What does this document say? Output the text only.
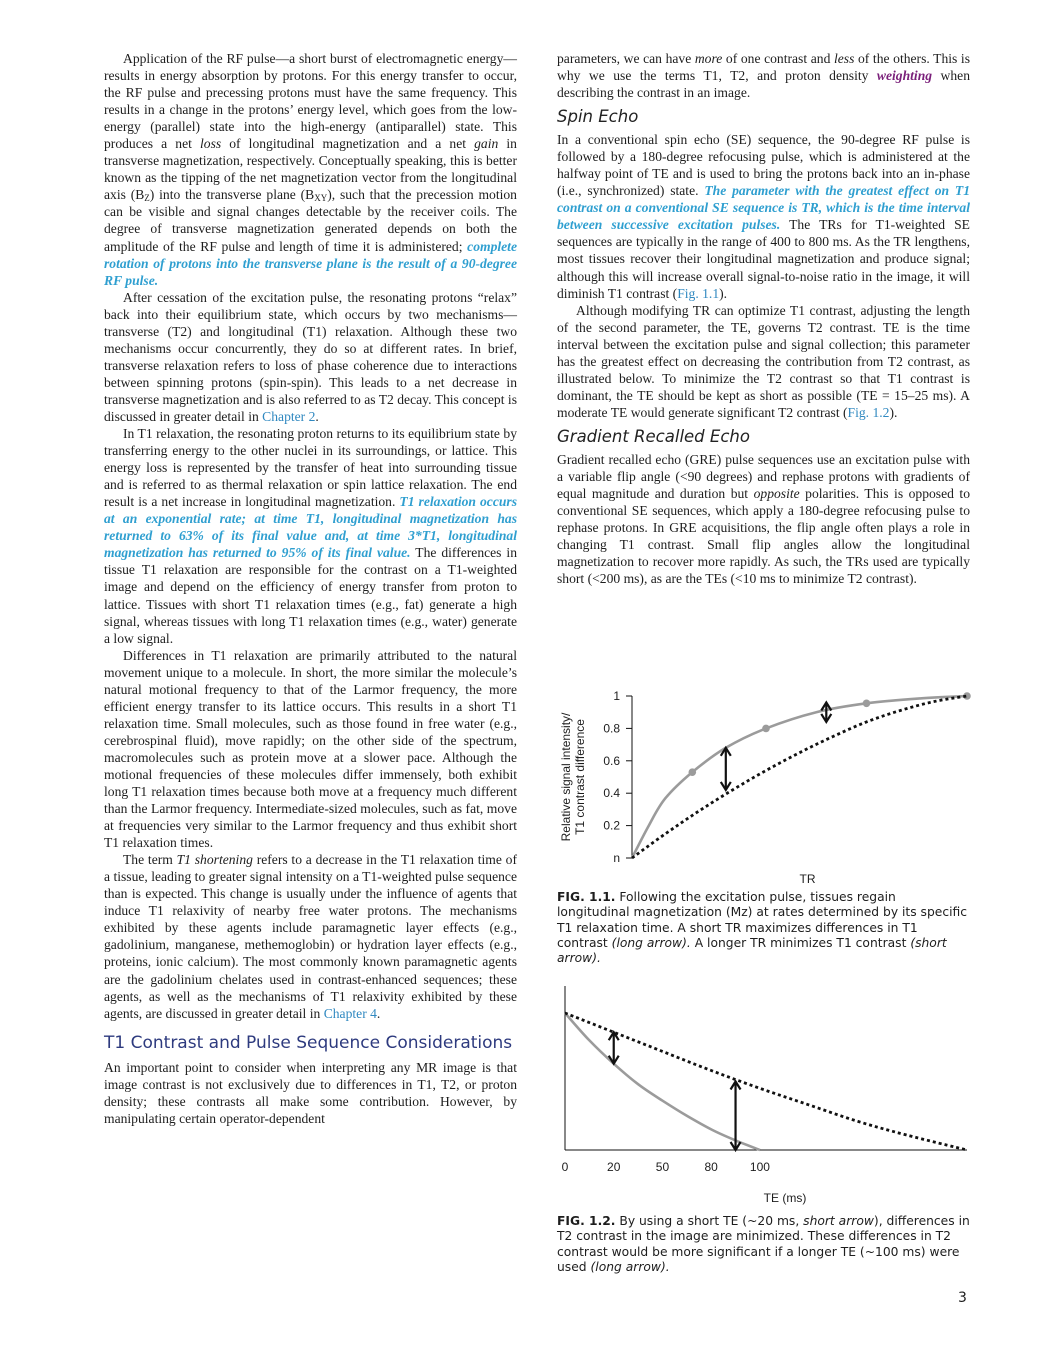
Application of the RF pulse—a short burst of electromagnetic energy—results in energy absorption by protons. For this energy transfer to occur, the RF pulse and precessing protons must have the same frequency. This results in a change in the protons’ energy level, which goes from the low-energy (parallel) state into the high-energy (antiparallel) state. This produces a net loss of longitudinal magnetization and a net gain in transverse magnetization, respectively. Conceptually speaking, this is better known as the tipping of the net magnetization vector from the longitudinal axis $(B_Z)$ into the transverse plane $(B_{XY})$, such that the precession motion can be visible and signal changes detectable by the receiver coils. The degree of transverse magnetization generated depends on both the amplitude of the RF pulse and length of time it is administered; complete rotation of protons into the transverse plane is the result of a 90-degree RF pulse.

After cessation of the excitation pulse, the resonating protons “relax” back into their equilibrium state, which occurs by two mechanisms—transverse (T2) and longitudinal (T1) relaxation. Although these two mechanisms occur concurrently, they do so at different rates. In brief, transverse relaxation refers to loss of phase coherence due to interactions between spinning protons (spin-spin). This leads to a net decrease in transverse magnetization and is also referred to as T2 decay. This concept is discussed in greater detail in Chapter 2.

In T1 relaxation, the resonating proton returns to its equilibrium state by transferring energy to the other nuclei in its surroundings, or lattice. This energy loss is represented by the transfer of heat into surrounding tissue and is referred to as thermal relaxation or spin lattice relaxation. The end result is a net increase in longitudinal magnetization. T1 relaxation occurs at an exponential rate; at time T1, longitudinal magnetization has returned to 63% of its final value and, at time 3*T1, longitudinal magnetization has returned to 95% of its final value. The differences in tissue T1 relaxation are responsible for the contrast on a T1-weighted image and depend on the efficiency of energy transfer from proton to lattice. Tissues with short T1 relaxation times (e.g., fat) generate a high signal, whereas tissues with long T1 relaxation times (e.g., water) generate a low signal.

Differences in T1 relaxation are primarily attributed to the natural movement unique to a molecule. In short, the more similar the molecule’s natural motional frequency to that of the Larmor frequency, the more efficient energy transfer to its lattice occurs. This results in a short T1 relaxation time. Small molecules, such as those found in free water (e.g., cerebrospinal fluid), move rapidly; on the other side of the spectrum, macromolecules such as protein move at a slower pace. Although the motional frequencies of these molecules differ immensely, both exhibit long T1 relaxation times because both move at a frequency much different than the Larmor frequency. Intermediate-sized molecules, such as fat, move at frequencies very similar to the Larmor frequency and thus exhibit short T1 relaxation times.

The term T1 shortening refers to a decrease in the T1 relaxation time of a tissue, leading to greater signal intensity on a T1-weighted pulse sequence than is expected. This change is usually under the influence of agents that induce T1 relaxivity of nearby free water protons. The mechanisms exhibited by these agents include paramagnetic layer effects (e.g., gadolinium, manganese, methemoglobin) or hydration layer effects (e.g., proteins, ionic calcium). The most commonly known paramagnetic agents are the gadolinium chelates used in contrast-enhanced sequences; these agents, as well as the mechanisms of T1 relaxivity exhibited by these agents, are discussed in greater detail in Chapter 4.

T1 Contrast and Pulse Sequence Considerations

An important point to consider when interpreting any MR image is that image contrast is not exclusively due to differences in T1, T2, or proton density; these contrasts all make some contribution. However, by manipulating certain operator-dependent

parameters, we can have more of one contrast and less of the others. This is why we use the terms T1, T2, and proton density weighting when describing the contrast in an image.

Spin Echo

In a conventional spin echo (SE) sequence, the 90-degree RF pulse is followed by a 180-degree refocusing pulse, which is administered at the halfway point of TE and is used to bring the protons back into an in-phase (i.e., synchronized) state. The parameter with the greatest effect on T1 contrast on a conventional SE sequence is TR, which is the time interval between successive excitation pulses. The TRs for T1-weighted SE sequences are typically in the range of 400 to 800 ms. As the TR lengthens, most tissues recover their longitudinal magnetization and produce signal; although this will increase overall signal-to-noise ratio in the image, it will diminish T1 contrast (Fig. 1.1).

Although modifying TR can optimize T1 contrast, adjusting the length of the second parameter, the TE, governs T2 contrast. TE is the time interval between the excitation pulse and signal collection; this parameter has the greatest effect on decreasing the contribution from T2 contrast, as illustrated below. To minimize the T2 contrast so that T1 contrast is dominant, the TE should be kept as short as possible (TE = 15–25 ms). A moderate TE would generate significant T2 contrast (Fig. 1.2).

Gradient Recalled Echo

Gradient recalled echo (GRE) pulse sequences use an excitation pulse with a variable flip angle (<90 degrees) and rephase protons with gradients of equal magnitude and duration but opposite polarities. This is opposed to conventional SE sequences, which apply a 180-degree refocusing pulse to rephase protons. In GRE acquisitions, the flip angle often plays a role in changing T1 contrast. Small flip angles allow the longitudinal magnetization to recover more rapidly. As such, the TRs used are typically short (<200 ms), as are the TEs (<10 ms to minimize T2 contrast).

Relative signal intensity/ T1 contrast difference
n
0.2
0.4
0.6
0.8
1
TR
FIG. 1.1. Following the excitation pulse, tissues regain longitudinal magnetization (Mz) at rates determined by its specific T1 relaxation time. A short TR maximizes differences in T1 contrast (long arrow). A longer TR minimizes T1 contrast (short arrow).
0	20	50	80	100
TE (ms)
FIG. 1.2. By using a short TE (~20 ms, short arrow), differences in T2 contrast in the image are minimized. These differences in T2 contrast would be more significant if a longer TE (~100 ms) were used (long arrow).
3
